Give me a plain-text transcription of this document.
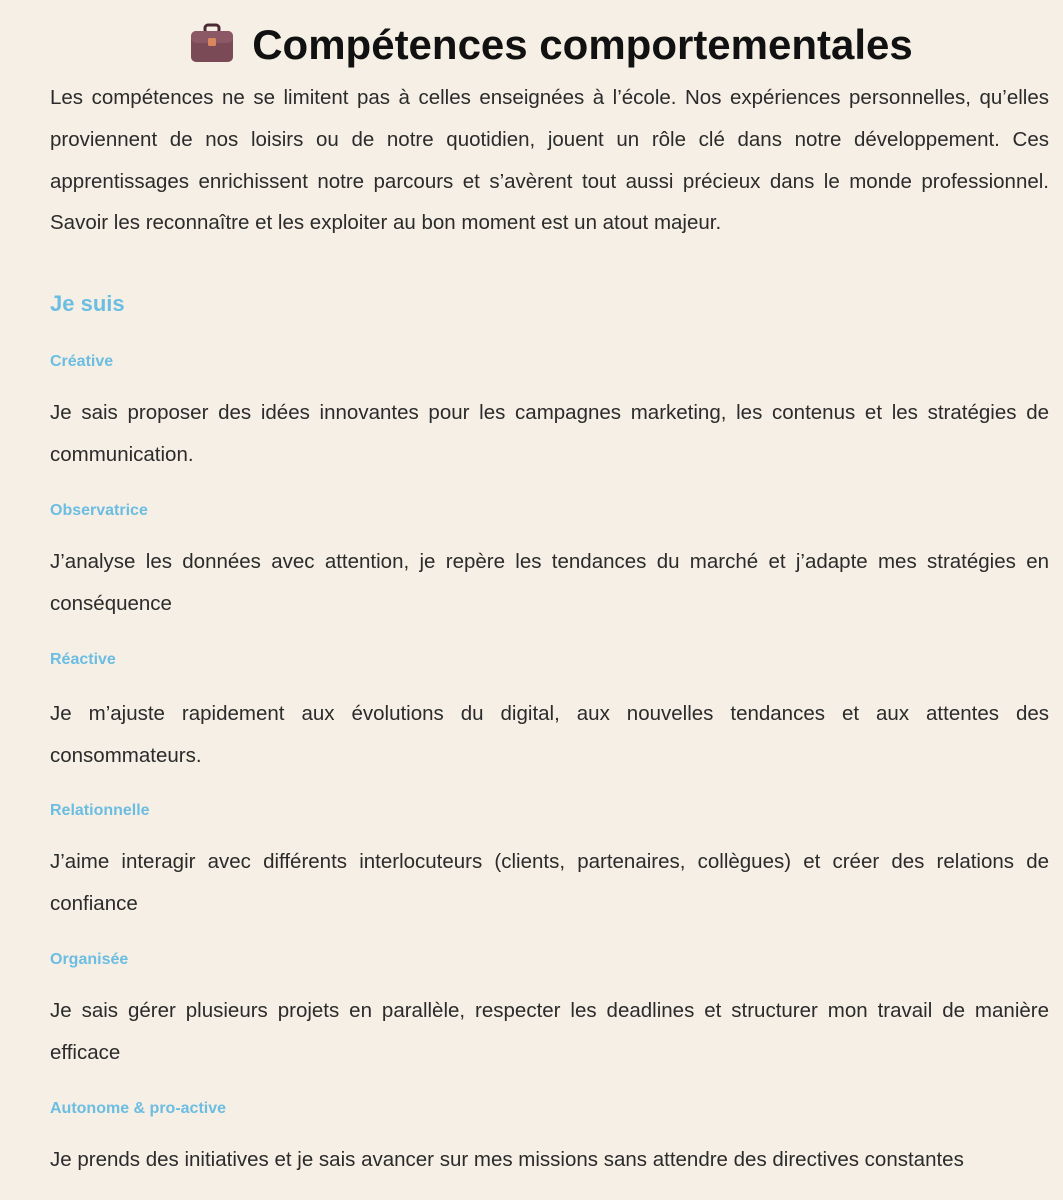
Compétences comportementales

Les compétences ne se limitent pas à celles enseignées à l’école. Nos expériences personnelles, qu’elles proviennent de nos loisirs ou de notre quotidien, jouent un rôle clé dans notre développement. Ces apprentissages enrichissent notre parcours et s’avèrent tout aussi précieux dans le monde professionnel. Savoir les reconnaître et les exploiter au bon moment est un atout majeur.

Je suis
Créative

Je sais proposer des idées innovantes pour les campagnes marketing, les contenus et les stratégies de communication.

Observatrice

J’analyse les données avec attention, je repère les tendances du marché et j’adapte mes stratégies en conséquence

Réactive

Je m’ajuste rapidement aux évolutions du digital, aux nouvelles tendances et aux attentes des consommateurs.

Relationnelle

J’aime interagir avec différents interlocuteurs (clients, partenaires, collègues) et créer des relations de confiance

Organisée

Je sais gérer plusieurs projets en parallèle, respecter les deadlines et structurer mon travail de manière efficace

Autonome & pro-active

Je prends des initiatives et je sais avancer sur mes missions sans attendre des directives constantes
